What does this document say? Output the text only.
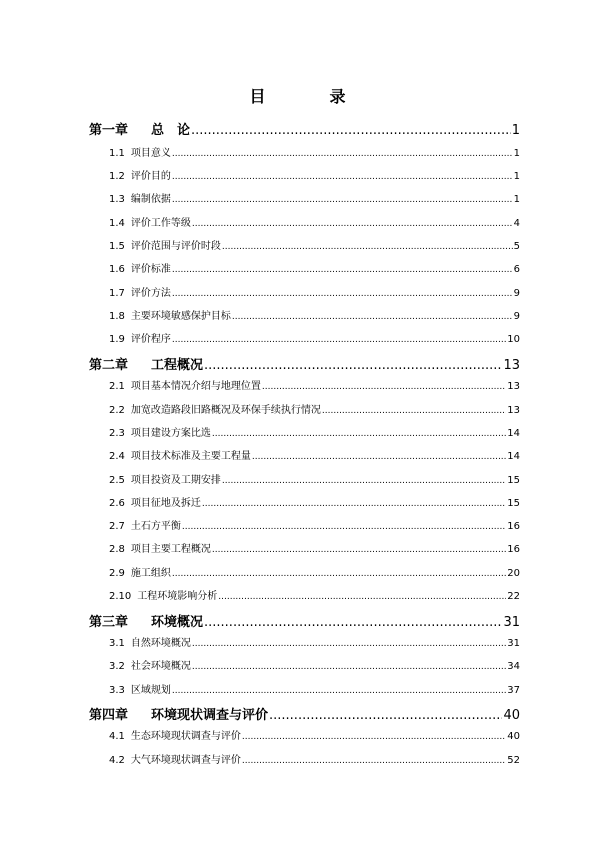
目　录
第一章	总　论 .....	1
1.1 项目意义 .....	1
1.2 评价目的 .....	1
1.3 编制依据 .....	1
1.4 评价工作等级 .....	4
1.5 评价范围与评价时段 .....	5
1.6 评价标准 .....	6
1.7 评价方法 .....	9
1.8 主要环境敏感保护目标 .....	9
1.9 评价程序 .....	10
第二章	工程概况 .....	13
2.1 项目基本情况介绍与地理位置 .....	13
2.2 加宽改造路段旧路概况及环保手续执行情况 .....	13
2.3 项目建设方案比选 .....	14
2.4 项目技术标准及主要工程量 .....	14
2.5 项目投资及工期安排 .....	15
2.6 项目征地及拆迁 .....	15
2.7 土石方平衡 .....	16
2.8 项目主要工程概况 .....	16
2.9 施工组织 .....	20
2.10 工程环境影响分析 .....	22
第三章	环境概况 .....	31
3.1 自然环境概况 .....	31
3.2 社会环境概况 .....	34
3.3 区域规划 .....	37
第四章	环境现状调查与评价 .....	40
4.1 生态环境现状调查与评价 .....	40
4.2 大气环境现状调查与评价 .....	52
